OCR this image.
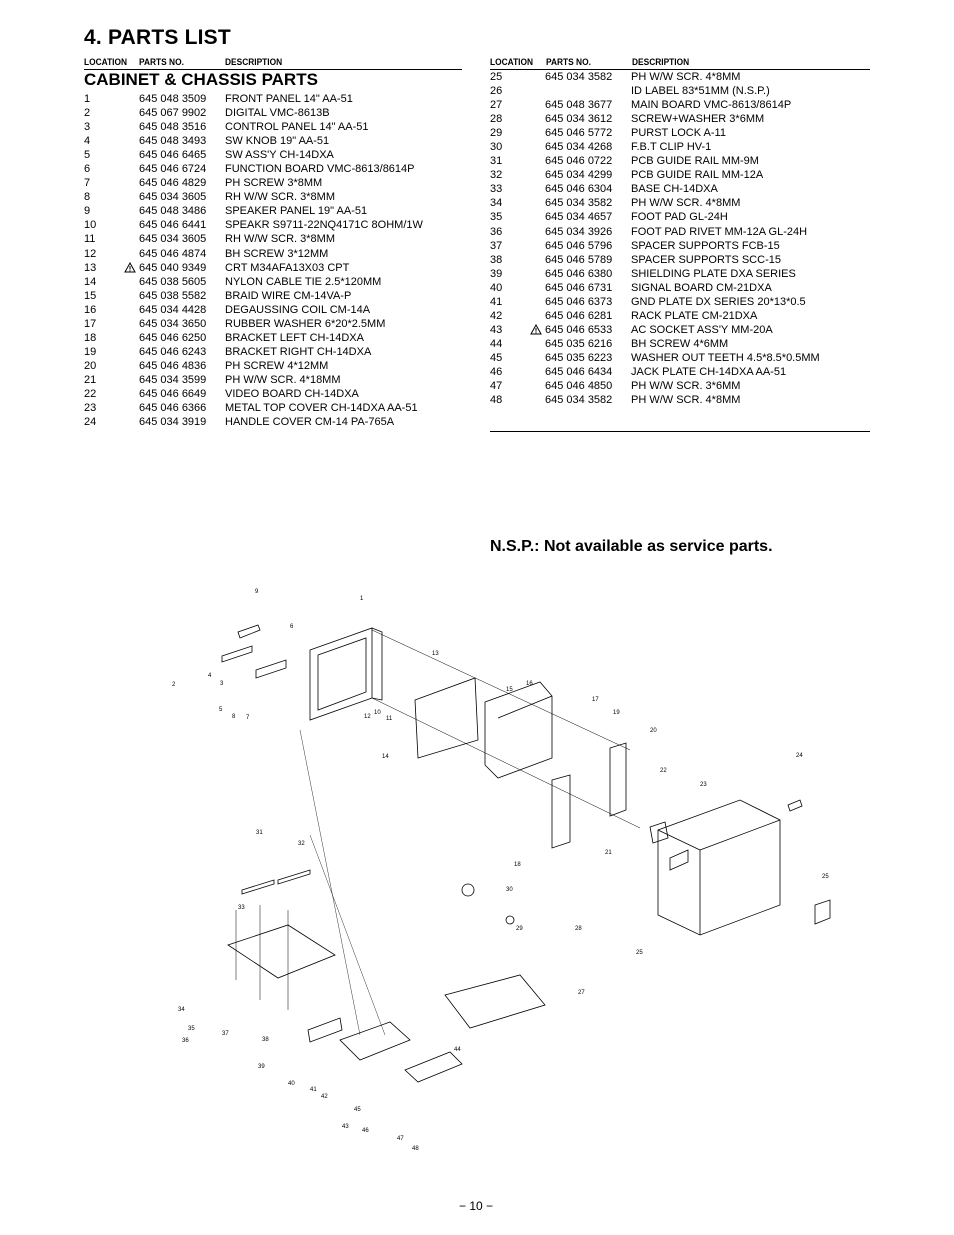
4. PARTS LIST
LOCATION PARTS NO.	DESCRIPTION
CABINET & CHASSIS PARTS
1	645 048 3509 FRONT PANEL 14" AA-51
2	645 067 9902 DIGITAL VMC-8613B
3	645 048 3516 CONTROL PANEL 14" AA-51
4	645 048 3493 SW KNOB 19" AA-51
5	645 046 6465 SW ASS'Y CH-14DXA
6	645 046 6724 FUNCTION BOARD VMC-8613/8614P
7	645 046 4829 PH SCREW 3*8MM
8	645 034 3605 RH W/W SCR. 3*8MM
9	645 048 3486 SPEAKER PANEL 19" AA-51
10	645 046 6441 SPEAKR S9711-22NQ4171C 8OHM/1W
11	645 034 3605 RH W/W SCR. 3*8MM
12	645 046 4874 BH SCREW 3*12MM
13	645 040 9349 CRT M34AFA13X03 CPT
14	645 038 5605 NYLON CABLE TIE 2.5*120MM
15	645 038 5582 BRAID WIRE CM-14VA-P
16	645 034 4428 DEGAUSSING COIL CM-14A
17	645 034 3650 RUBBER WASHER 6*20*2.5MM
18	645 046 6250 BRACKET LEFT CH-14DXA
19	645 046 6243 BRACKET RIGHT CH-14DXA
20	645 046 4836 PH SCREW 4*12MM
21	645 034 3599 PH W/W SCR. 4*18MM
22	645 046 6649 VIDEO BOARD CH-14DXA
23	645 046 6366 METAL TOP COVER CH-14DXA AA-51
24	645 034 3919 HANDLE COVER CM-14 PA-765A
LOCATION PARTS NO.	DESCRIPTION
25	645 034 3582 PH W/W SCR. 4*8MM
26	ID LABEL 83*51MM (N.S.P.)
27	645 048 3677 MAIN BOARD VMC-8613/8614P
28	645 034 3612 SCREW+WASHER 3*6MM
29	645 046 5772 PURST LOCK A-11
30	645 034 4268 F.B.T CLIP HV-1
31	645 046 0722 PCB GUIDE RAIL MM-9M
32	645 034 4299 PCB GUIDE RAIL MM-12A
33	645 046 6304 BASE CH-14DXA
34	645 034 3582 PH W/W SCR. 4*8MM
35	645 034 4657 FOOT PAD GL-24H
36	645 034 3926 FOOT PAD RIVET MM-12A GL-24H
37	645 046 5796 SPACER SUPPORTS FCB-15
38	645 046 5789 SPACER SUPPORTS SCC-15
39	645 046 6380 SHIELDING PLATE DXA SERIES
40	645 046 6731 SIGNAL BOARD CM-21DXA
41	645 046 6373 GND PLATE DX SERIES 20*13*0.5
42	645 046 6281 RACK PLATE CM-21DXA
43	645 046 6533 AC SOCKET ASS'Y MM-20A
44	645 035 6216 BH SCREW 4*6MM
45	645 035 6223 WASHER OUT TEETH 4.5*8.5*0.5MM
46	645 046 6434 JACK PLATE CH-14DXA AA-51
47	645 046 4850 PH W/W SCR. 3*6MM
48	645 034 3582 PH W/W SCR. 4*8MM
N.S.P.: Not available as service parts.
1
2	3
4
5
6
7
8
9
10
11
12
13
14
15
16
17
18
19
20
21
22
23
24
25
25
27
28
29
30
31
32
33
34
35
36
37
38
39
40
41
42
43
44
45
46
47
48
− 10 −
